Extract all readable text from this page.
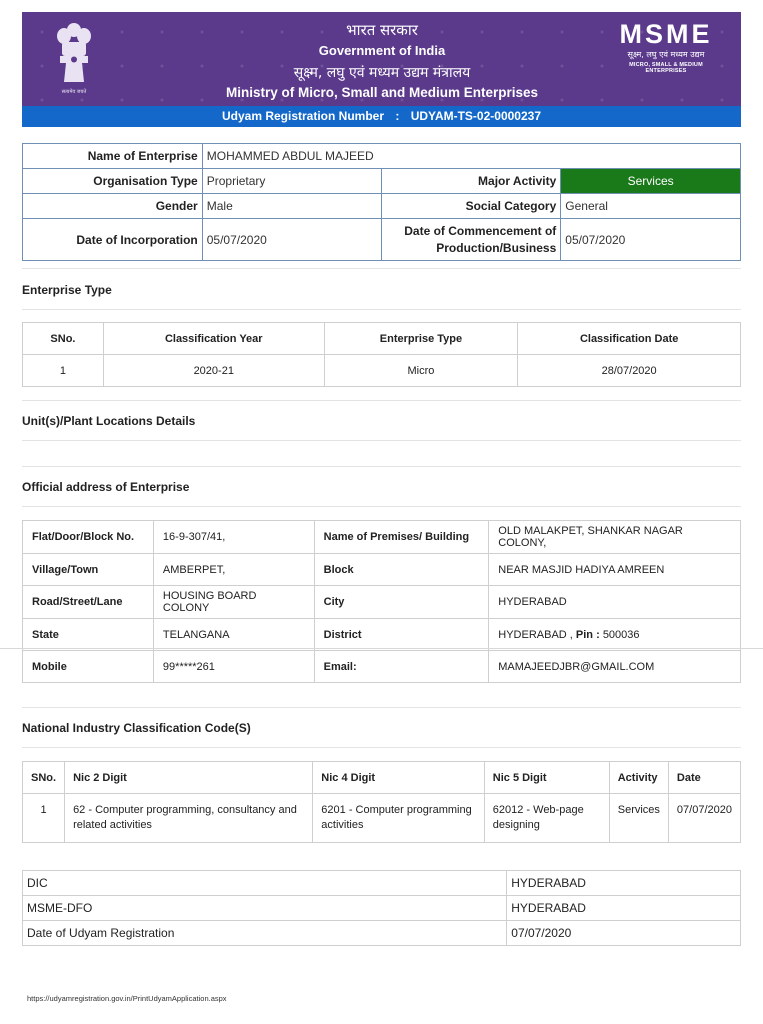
सत्यमेव जयते
भारत सरकार
Government of India
सूक्ष्म, लघु एवं मध्यम उद्यम मंत्रालय
Ministry of Micro, Small and Medium Enterprises
MSME
सूक्ष्म, लघु एवं मध्यम उद्यम
MICRO, SMALL & MEDIUM ENTERPRISES
Udyam Registration Number : UDYAM-TS-02-0000237
Name of Enterprise	MOHAMMED ABDUL MAJEED		
Organisation Type	Proprietary	Major Activity	Services
Gender	Male	Social Category	General
Date of Incorporation	05/07/2020	Date of Commencement of Production/Business	05/07/2020
Enterprise Type
SNo.	Classification Year	Enterprise Type	Classification Date
1	2020-21	Micro	28/07/2020
Unit(s)/Plant Locations Details
Official address of Enterprise
Flat/Door/Block No.	16-9-307/41,	Name of Premises/ Building	OLD MALAKPET, SHANKAR NAGAR COLONY,
Village/Town	AMBERPET,	Block	NEAR MASJID HADIYA AMREEN
Road/Street/Lane	HOUSING BOARD COLONY	City	HYDERABAD
State	TELANGANA	District	HYDERABAD , Pin : 500036
Mobile	99*****261	Email:	MAMAJEEDJBR@GMAIL.COM
National Industry Classification Code(S)
SNo.	Nic 2 Digit	Nic 4 Digit	Nic 5 Digit	Activity	Date
1	62 - Computer programming, consultancy and related activities	6201 - Computer programming activities	62012 - Web-page designing	Services	07/07/2020
DIC	HYDERABAD
MSME-DFO	HYDERABAD
Date of Udyam Registration	07/07/2020
https://udyamregistration.gov.in/PrintUdyamApplication.aspx
